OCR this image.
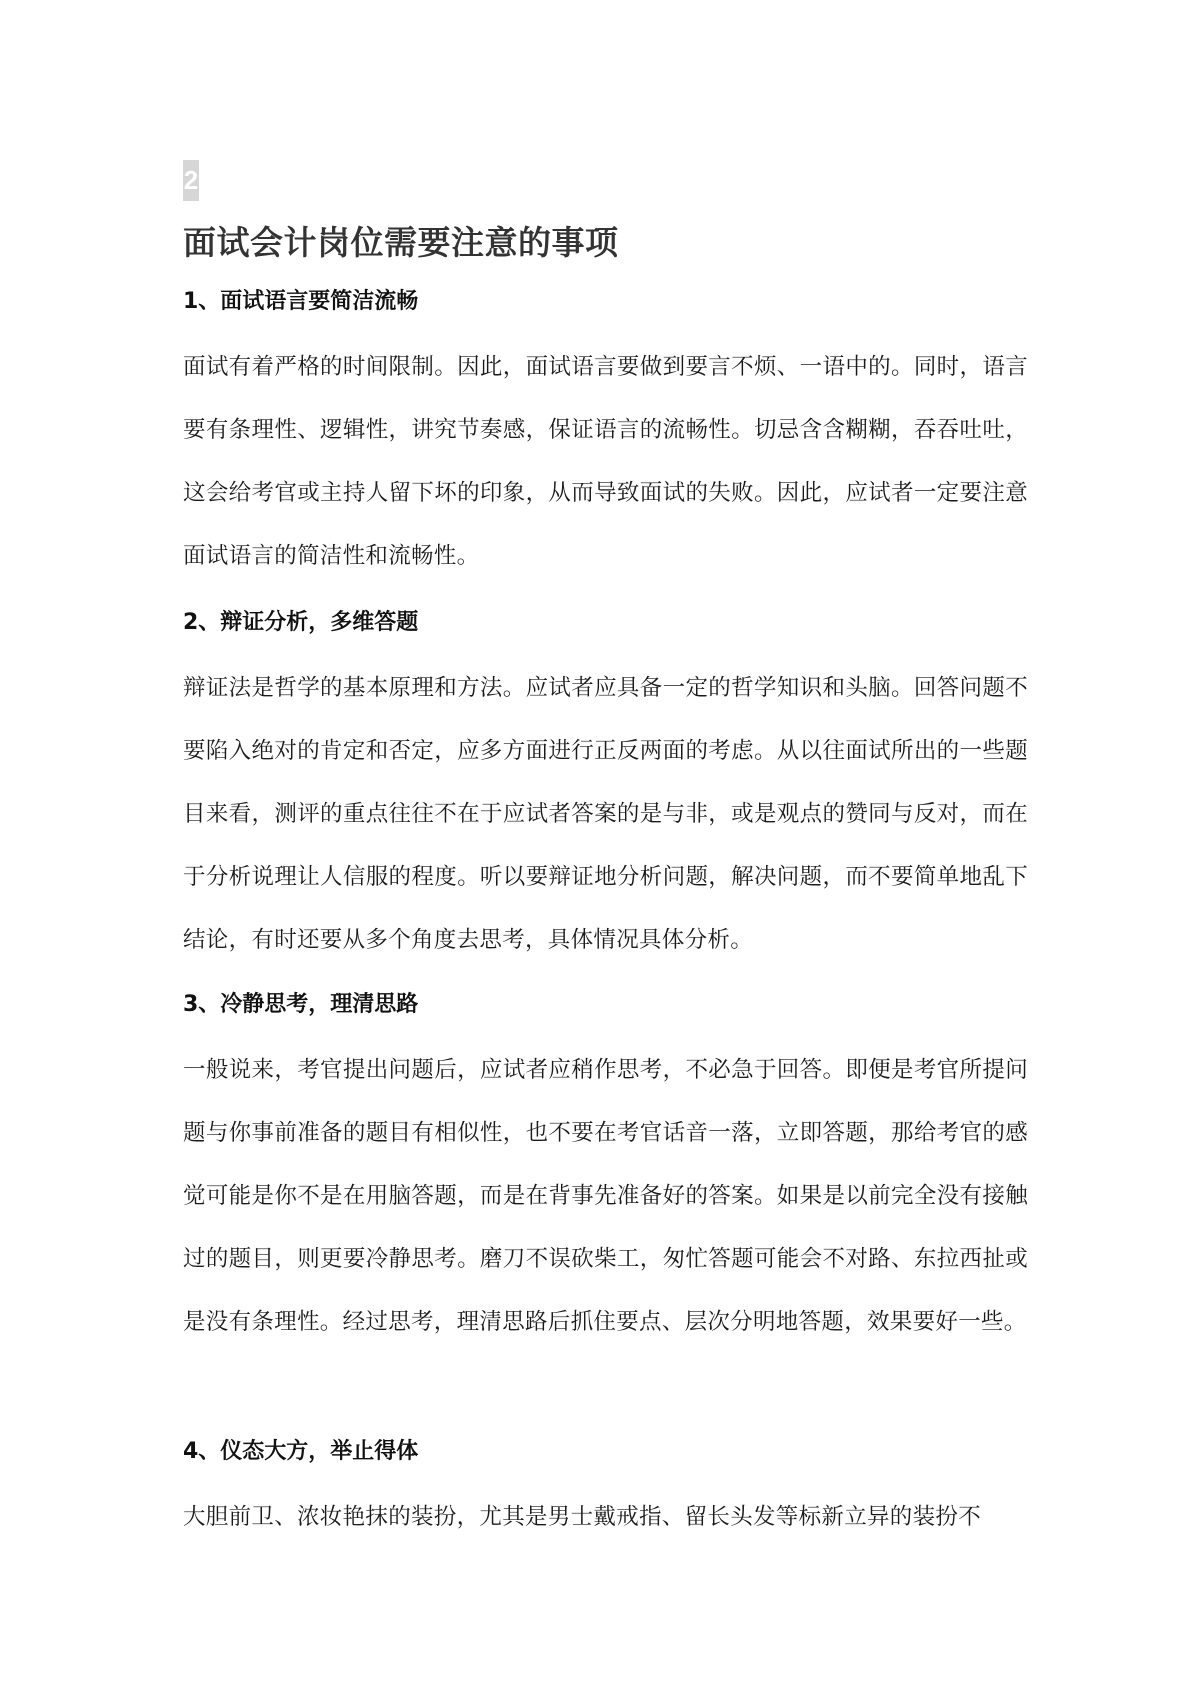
2
面试会计岗位需要注意的事项
1、面试语言要简洁流畅

面试有着严格的时间限制。因此，面试语言要做到要言不烦、一语中的。同时，语言要有条理性、逻辑性，讲究节奏感，保证语言的流畅性。切忌含含糊糊，吞吞吐吐，这会给考官或主持人留下坏的印象，从而导致面试的失败。因此，应试者一定要注意面试语言的简洁性和流畅性。

2、辩证分析，多维答题

辩证法是哲学的基本原理和方法。应试者应具备一定的哲学知识和头脑。回答问题不要陷入绝对的肯定和否定，应多方面进行正反两面的考虑。从以往面试所出的一些题目来看，测评的重点往往不在于应试者答案的是与非，或是观点的赞同与反对，而在于分析说理让人信服的程度。听以要辩证地分析问题，解决问题，而不要简单地乱下结论，有时还要从多个角度去思考，具体情况具体分析。

3、冷静思考，理清思路

一般说来，考官提出问题后，应试者应稍作思考，不必急于回答。即便是考官所提问题与你事前准备的题目有相似性，也不要在考官话音一落，立即答题，那给考官的感觉可能是你不是在用脑答题，而是在背事先准备好的答案。如果是以前完全没有接触过的题目，则更要冷静思考。磨刀不误砍柴工，匆忙答题可能会不对路、东拉西扯或是没有条理性。经过思考，理清思路后抓住要点、层次分明地答题，效果要好一些。

4、仪态大方，举止得体

大胆前卫、浓妆艳抹的装扮，尤其是男士戴戒指、留长头发等标新立异的装扮不
